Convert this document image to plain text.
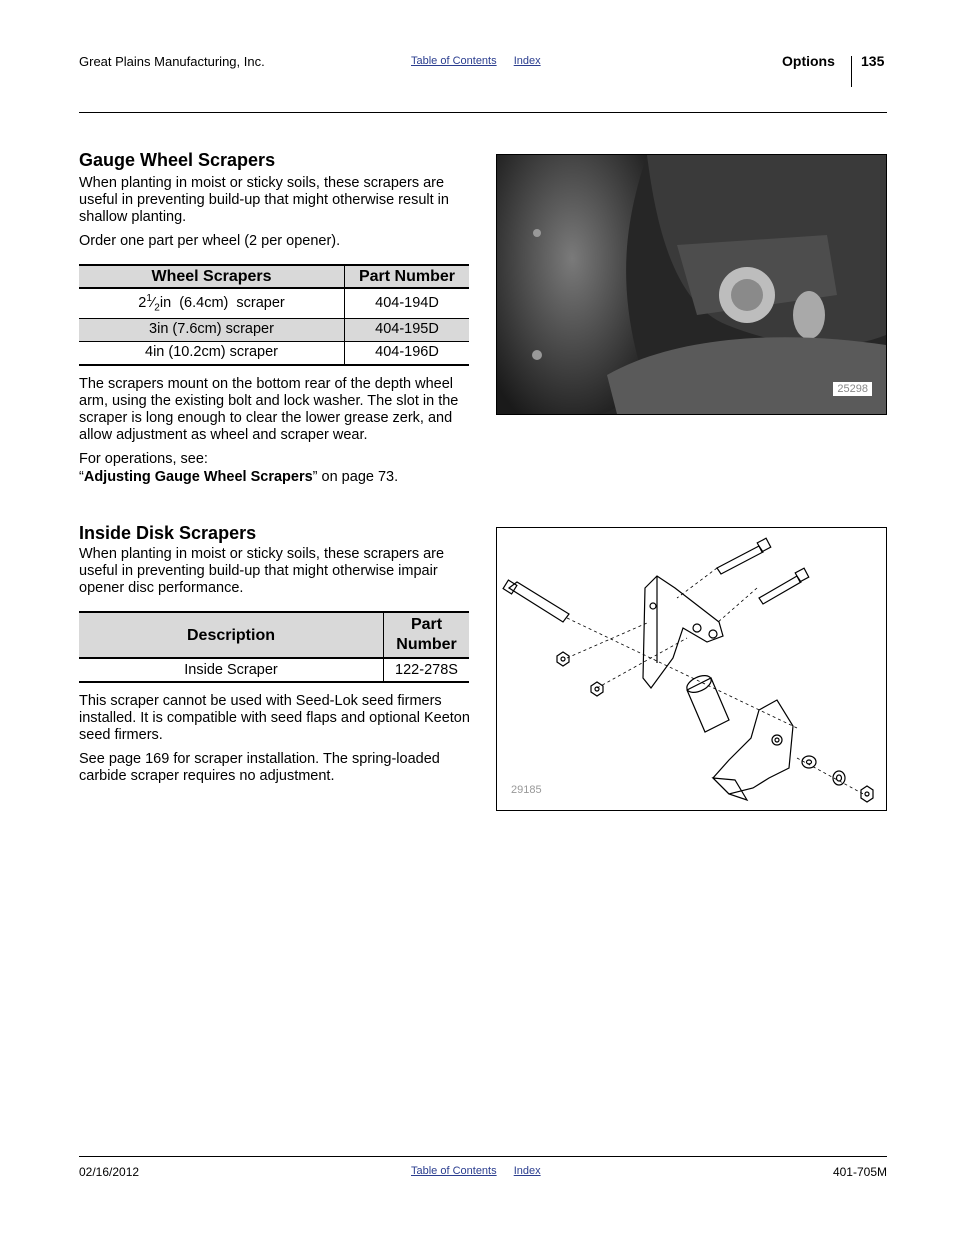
Great Plains Manufacturing, Inc.	Table of Contents Index	Options 135
Gauge Wheel Scrapers

When planting in moist or sticky soils, these scrapers are useful in preventing build-up that might otherwise result in shallow planting.

Order one part per wheel (2 per opener).

Wheel Scrapers	Part Number
$2^1⁄_2in$  (6.4cm)  scraper	404-194D
3in (7.6cm) scraper	404-195D
4in (10.2cm) scraper	404-196D

The scrapers mount on the bottom rear of the depth wheel arm, using the existing bolt and lock washer. The slot in the scraper is long enough to clear the lower grease zerk, and allow adjustment as wheel and scraper wear.

For operations, see:

“Adjusting Gauge Wheel Scrapers” on page 73.

25298
Inside Disk Scrapers

When planting in moist or sticky soils, these scrapers are useful in preventing build-up that might otherwise impair opener disc performance.

Description	Part Number
Inside Scraper	122-278S

This scraper cannot be used with Seed-Lok seed firmers installed. It is compatible with seed flaps and optional Keeton seed firmers.

See page 169 for scraper installation. The spring-loaded carbide scraper requires no adjustment.

29185
02/16/2012	Table of Contents Index	401-705M
